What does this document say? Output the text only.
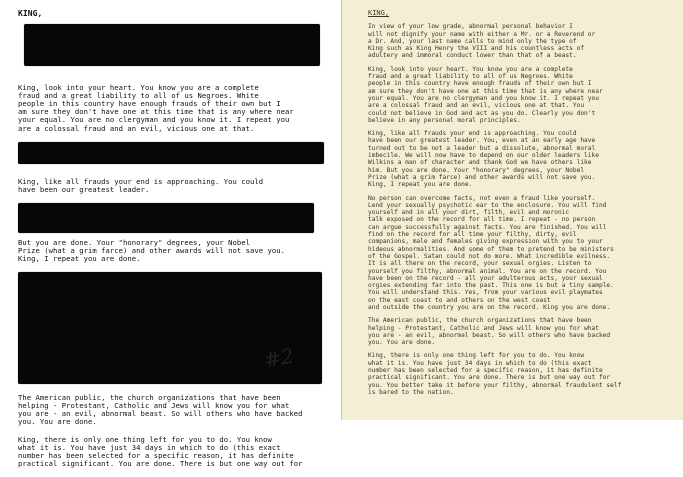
KING,

King, look into your heart. You know you are a complete
fraud and a great liability to all of us Negroes. White
people in this country have enough frauds of their own but I
am sure they don't have one at this time that is any where near
your equal. You are no clergyman and you know it. I repeat you
are a colossal fraud and an evil, vicious one at that.

King, like all frauds your end is approaching. You could
have been our greatest leader.

But you are done. Your "honorary" degrees, your Nobel
Prize (what a grim farce) and other awards will not save you.
King, I repeat you are done.

The American public, the church organizations that have been
helping - Protestant, Catholic and Jews will know you for what
you are - an evil, abnormal beast. So will others who have backed
you. You are done.

King, there is only one thing left for you to do. You know
what it is. You have just 34 days in which to do (this exact
number has been selected for a specific reason, it has definite
practical significant. You are done. There is but one way out for

#2
KING,

In view of your low grade, abnormal personal behavior I
will not dignify your name with either a Mr. or a Reverend or
a Dr. And, your last name calls to mind only the type of
King such as King Henry the VIII and his countless acts of
adultery and immoral conduct lower than that of a beast.

King, look into your heart. You know you are a complete
fraud and a great liability to all of us Negroes. White
people in this country have enough frauds of their own but I
am sure they don't have one at this time that is any where near
your equal. You are no clergyman and you know it. I repeat you
are a colossal fraud and an evil, vicious one at that. You
could not believe in God and act as you do. Clearly you don't
believe in any personal moral principles.

King, like all frauds your end is approaching. You could
have been our greatest leader. You, even at an early age have
turned out to be not a leader but a dissolute, abnormal moral
imbecile. We will now have to depend on our older leaders like
Wilkins a man of character and thank God we have others like
him. But you are done. Your "honorary" degrees, your Nobel
Prize (what a grim farce) and other awards will not save you.
King, I repeat you are done.

No person can overcome facts, not even a fraud like yourself.
Lend your sexually psychotic ear to the enclosure. You will find
yourself and in all your dirt, filth, evil and moronic
talk exposed on the record for all time. I repeat - no person
can argue successfully against facts. You are finished. You will
find on the record for all time your filthy, dirty, evil
companions, male and females giving expression with you to your
hideous abnormalities. And some of them to pretend to be ministers
of the Gospel. Satan could not do more. What incredible evilness.
It is all there on the record, your sexual orgies. Listen to
yourself you filthy, abnormal animal. You are on the record. You
have been on the record - all your adulterous acts, your sexual
orgies extending far into the past. This one is but a tiny sample.
You will understand this. Yes, from your various evil playmates
on the east coast to and others on the west coast
and outside the country you are on the record. King you are done.

The American public, the church organizations that have been
helping - Protestant, Catholic and Jews will know you for what
you are - an evil, abnormal beast. So will others who have backed
you. You are done.

King, there is only one thing left for you to do. You know
what it is. You have just 34 days in which to do (this exact
number has been selected for a specific reason, it has definite
practical significant. You are done. There is but one way out for
you. You better take it before your filthy, abnormal fraudulent self
is bared to the nation.
